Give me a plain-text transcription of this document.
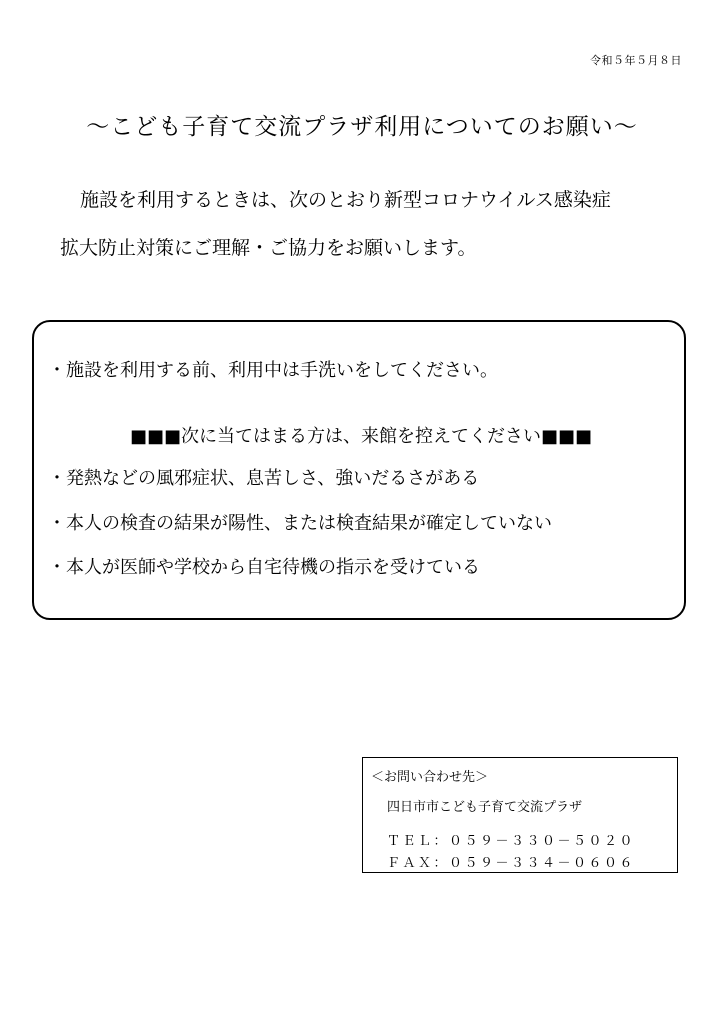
令和５年５月８日
～こども子育て交流プラザ利用についてのお願い～
施設を利用するときは、次のとおり新型コロナウイルス感染症
拡大防止対策にご理解・ご協力をお願いします。
・施設を利用する前、利用中は手洗いをしてください。
■■■次に当てはまる方は、来館を控えてください■■■
・発熱などの風邪症状、息苦しさ、強いだるさがある
・本人の検査の結果が陽性、または検査結果が確定していない
・本人が医師や学校から自宅待機の指示を受けている
＜お問い合わせ先＞
四日市市こども子育て交流プラザ
ＴＥＬ：０５９－３３０－５０２０
ＦＡＸ：０５９－３３４－０６０６
